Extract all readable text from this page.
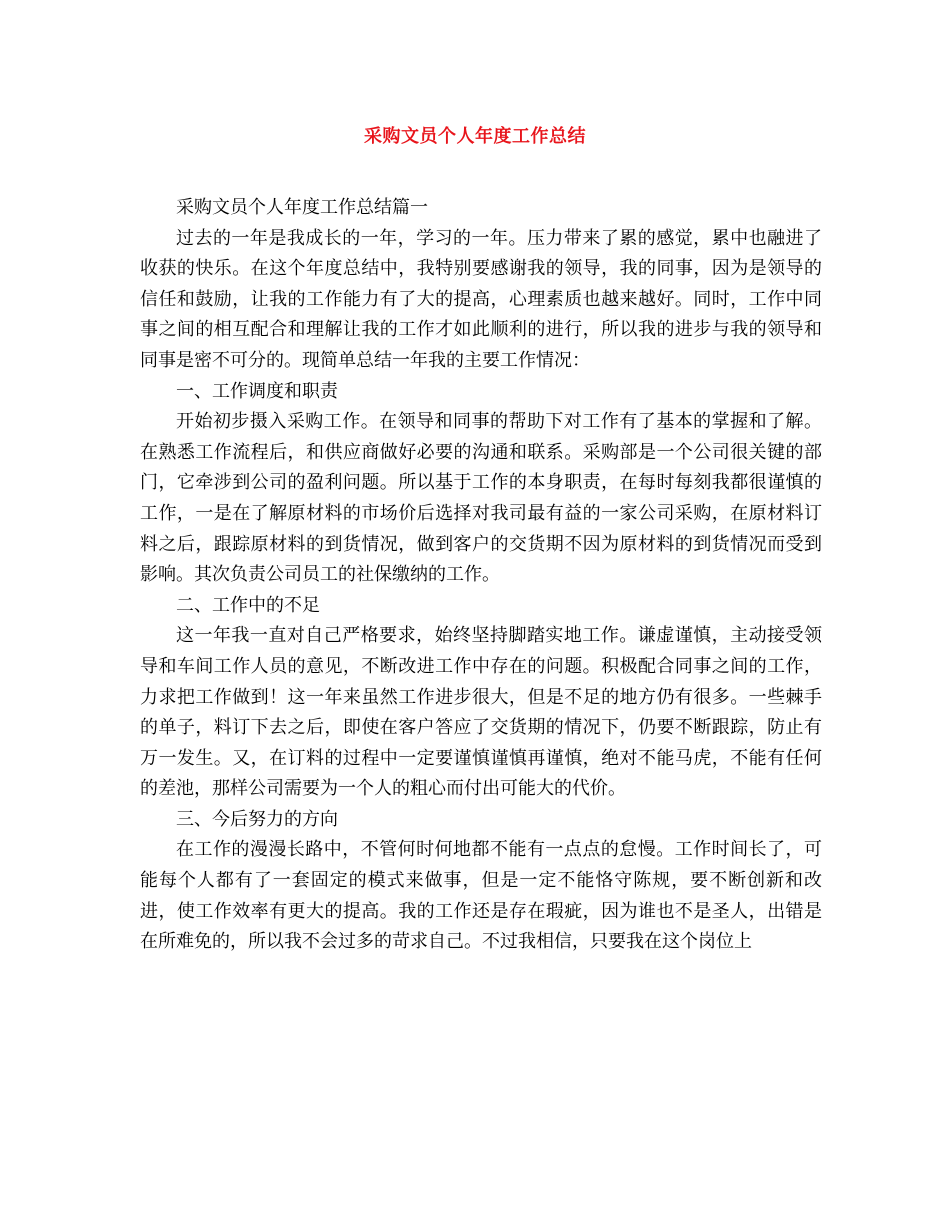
采购文员个人年度工作总结

采购文员个人年度工作总结篇一

过去的一年是我成长的一年，学习的一年。压力带来了累的感觉，累中也融进了收获的快乐。在这个年度总结中，我特别要感谢我的领导，我的同事，因为是领导的信任和鼓励，让我的工作能力有了大的提高，心理素质也越来越好。同时，工作中同事之间的相互配合和理解让我的工作才如此顺利的进行，所以我的进步与我的领导和同事是密不可分的。现简单总结一年我的主要工作情况：

一、工作调度和职责

开始初步摄入采购工作。在领导和同事的帮助下对工作有了基本的掌握和了解。在熟悉工作流程后，和供应商做好必要的沟通和联系。采购部是一个公司很关键的部门，它牵涉到公司的盈利问题。所以基于工作的本身职责，在每时每刻我都很谨慎的工作，一是在了解原材料的市场价后选择对我司最有益的一家公司采购，在原材料订料之后，跟踪原材料的到货情况，做到客户的交货期不因为原材料的到货情况而受到影响。其次负责公司员工的社保缴纳的工作。

二、工作中的不足

这一年我一直对自己严格要求，始终坚持脚踏实地工作。谦虚谨慎，主动接受领导和车间工作人员的意见，不断改进工作中存在的问题。积极配合同事之间的工作，力求把工作做到！这一年来虽然工作进步很大，但是不足的地方仍有很多。一些棘手的单子，料订下去之后，即使在客户答应了交货期的情况下，仍要不断跟踪，防止有万一发生。又，在订料的过程中一定要谨慎谨慎再谨慎，绝对不能马虎，不能有任何的差池，那样公司需要为一个人的粗心而付出可能大的代价。

三、今后努力的方向

在工作的漫漫长路中，不管何时何地都不能有一点点的怠慢。工作时间长了，可能每个人都有了一套固定的模式来做事，但是一定不能恪守陈规，要不断创新和改进，使工作效率有更大的提高。我的工作还是存在瑕疵，因为谁也不是圣人，出错是在所难免的，所以我不会过多的苛求自己。不过我相信，只要我在这个岗位上
